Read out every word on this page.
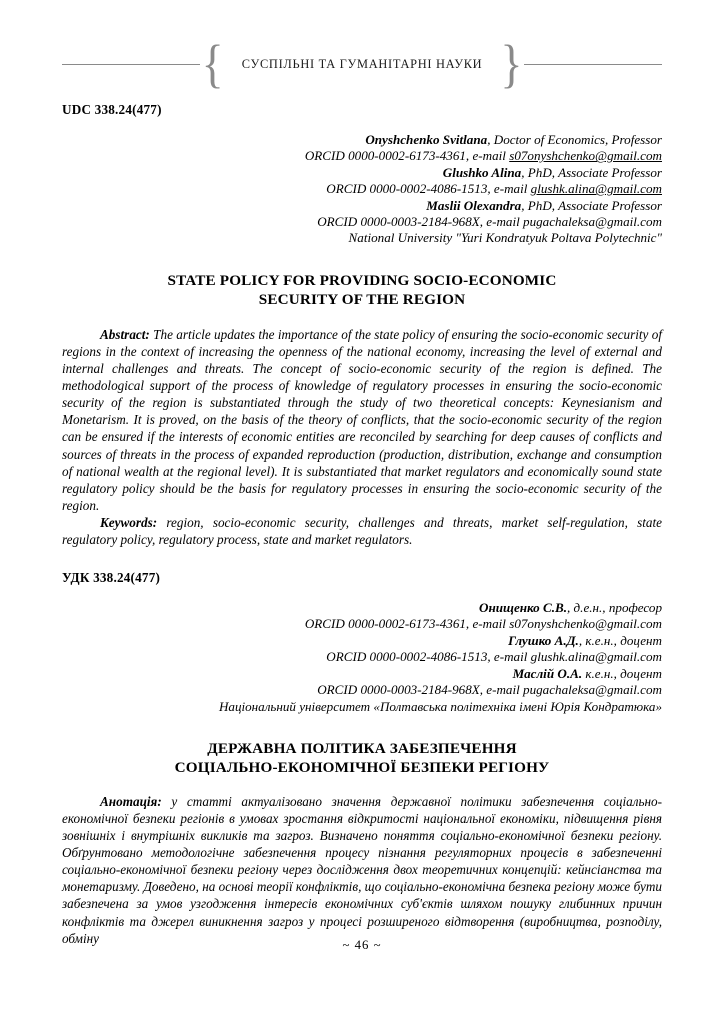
{	СУСПІЛЬНІ ТА ГУМАНІТАРНІ НАУКИ }
UDC 338.24(477)
Onyshchenko Svitlana, Doctor of Economics, Professor
ORCID 0000-0002-6173-4361, e-mail s07onyshchenko@gmail.com
Glushko Alina, PhD, Associate Professor
ORCID 0000-0002-4086-1513, e-mail glushk.alina@gmail.com
Maslii Olexandra, PhD, Associate Professor
ORCID 0000-0003-2184-968X, e-mail pugachaleksa@gmail.com
National University "Yuri Kondratyuk Poltava Polytechnic"
STATE POLICY FOR PROVIDING SOCIO-ECONOMIC
SECURITY OF THE REGION

Abstract: The article updates the importance of the state policy of ensuring the socio-economic security of regions in the context of increasing the openness of the national economy, increasing the level of external and internal challenges and threats. The concept of socio-economic security of the region is defined. The methodological support of the process of knowledge of regulatory processes in ensuring the socio-economic security of the region is substantiated through the study of two theoretical concepts: Keynesianism and Monetarism. It is proved, on the basis of the theory of conflicts, that the socio-economic security of the region can be ensured if the interests of economic entities are reconciled by searching for deep causes of conflicts and sources of threats in the process of expanded reproduction (production, distribution, exchange and consumption of national wealth at the regional level). It is substantiated that market regulators and economically sound state regulatory policy should be the basis for regulatory processes in ensuring the socio-economic security of the region.

Keywords: region, socio-economic security, challenges and threats, market self-regulation, state regulatory policy, regulatory process, state and market regulators.

УДК 338.24(477)
Онищенко С.В., д.е.н., професор
ORCID 0000-0002-6173-4361, e-mail s07onyshchenko@gmail.com
Глушко А.Д., к.е.н., доцент
ORCID 0000-0002-4086-1513, e-mail glushk.alina@gmail.com
Маслій О.А. к.е.н., доцент
ORCID 0000-0003-2184-968X, e-mail pugachaleksa@gmail.com
Національний університет «Полтавська політехніка імені Юрія Кондратюка»
ДЕРЖАВНА ПОЛІТИКА ЗАБЕЗПЕЧЕННЯ
СОЦІАЛЬНО-ЕКОНОМІЧНОЇ БЕЗПЕКИ РЕГІОНУ

Анотація: у статті актуалізовано значення державної політики забезпечення соціально-економічної безпеки регіонів в умовах зростання відкритості національної економіки, підвищення рівня зовнішніх і внутрішніх викликів та загроз. Визначено поняття соціально-економічної безпеки регіону. Обґрунтовано методологічне забезпечення процесу пізнання регуляторних процесів в забезпеченні соціально-економічної безпеки регіону через дослідження двох теоретичних концепцій: кейнсіанства та монетаризму. Доведено, на основі теорії конфліктів, що соціально-економічна безпека регіону може бути забезпечена за умов узгодження інтересів економічних суб'єктів шляхом пошуку глибинних причин конфліктів та джерел виникнення загроз у процесі розширеного відтворення (виробництва, розподілу, обміну	~ 46 ~
